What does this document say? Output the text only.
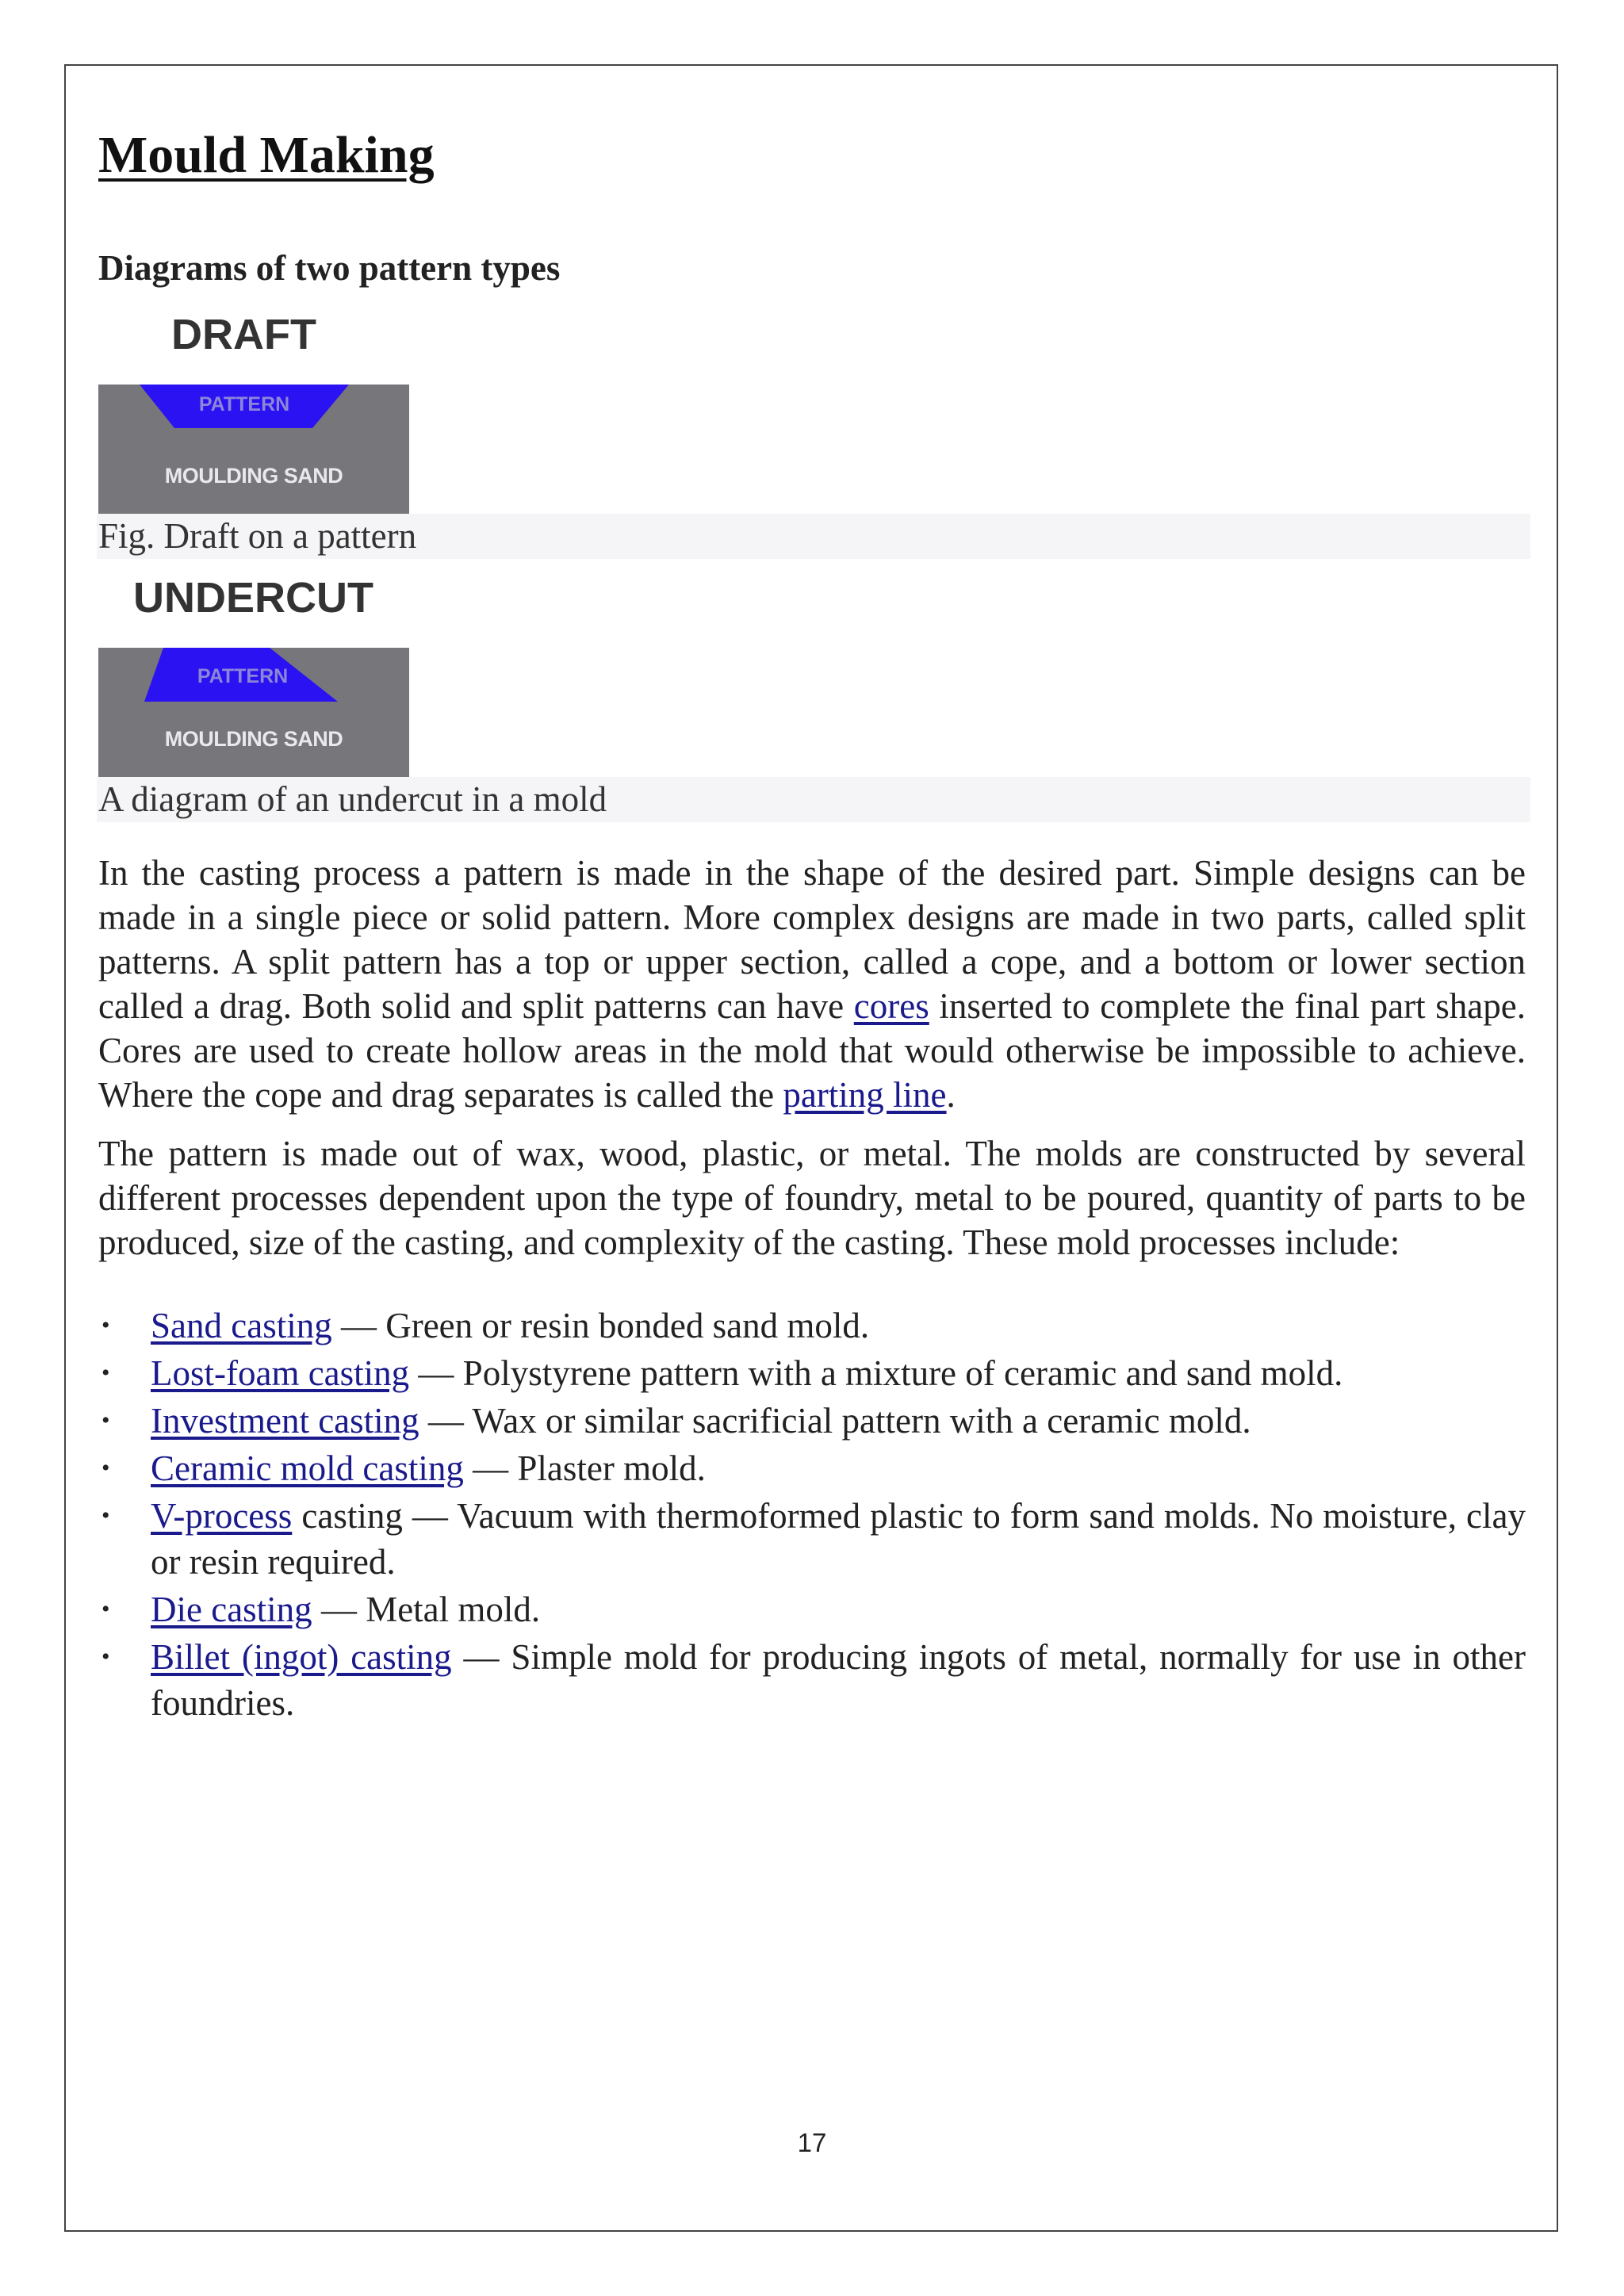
Mould Making
Diagrams of two pattern types
DRAFT
PATTERN
MOULDING SAND
Fig. Draft on a pattern
UNDERCUT
PATTERN
MOULDING SAND
A diagram of an undercut in a mold

In the casting process a pattern is made in the shape of the desired part. Simple designs can be made in a single piece or solid pattern. More complex designs are made in two parts, called split patterns. A split pattern has a top or upper section, called a cope, and a bottom or lower section called a drag. Both solid and split patterns can have cores inserted to complete the final part shape. Cores are used to create hollow areas in the mold that would otherwise be impossible to achieve. Where the cope and drag separates is called the parting line.

The pattern is made out of wax, wood, plastic, or metal. The molds are constructed by several different processes dependent upon the type of foundry, metal to be poured, quantity of parts to be produced, size of the casting, and complexity of the casting. These mold processes include:

• Sand casting — Green or resin bonded sand mold.
• Lost-foam casting — Polystyrene pattern with a mixture of ceramic and sand mold.
• Investment casting — Wax or similar sacrificial pattern with a ceramic mold.
• Ceramic mold casting — Plaster mold.
• V-process casting — Vacuum with thermoformed plastic to form sand molds. No moisture, clay or resin required.
• Die casting — Metal mold.
• Billet (ingot) casting — Simple mold for producing ingots of metal, normally for use in other foundries.
17
